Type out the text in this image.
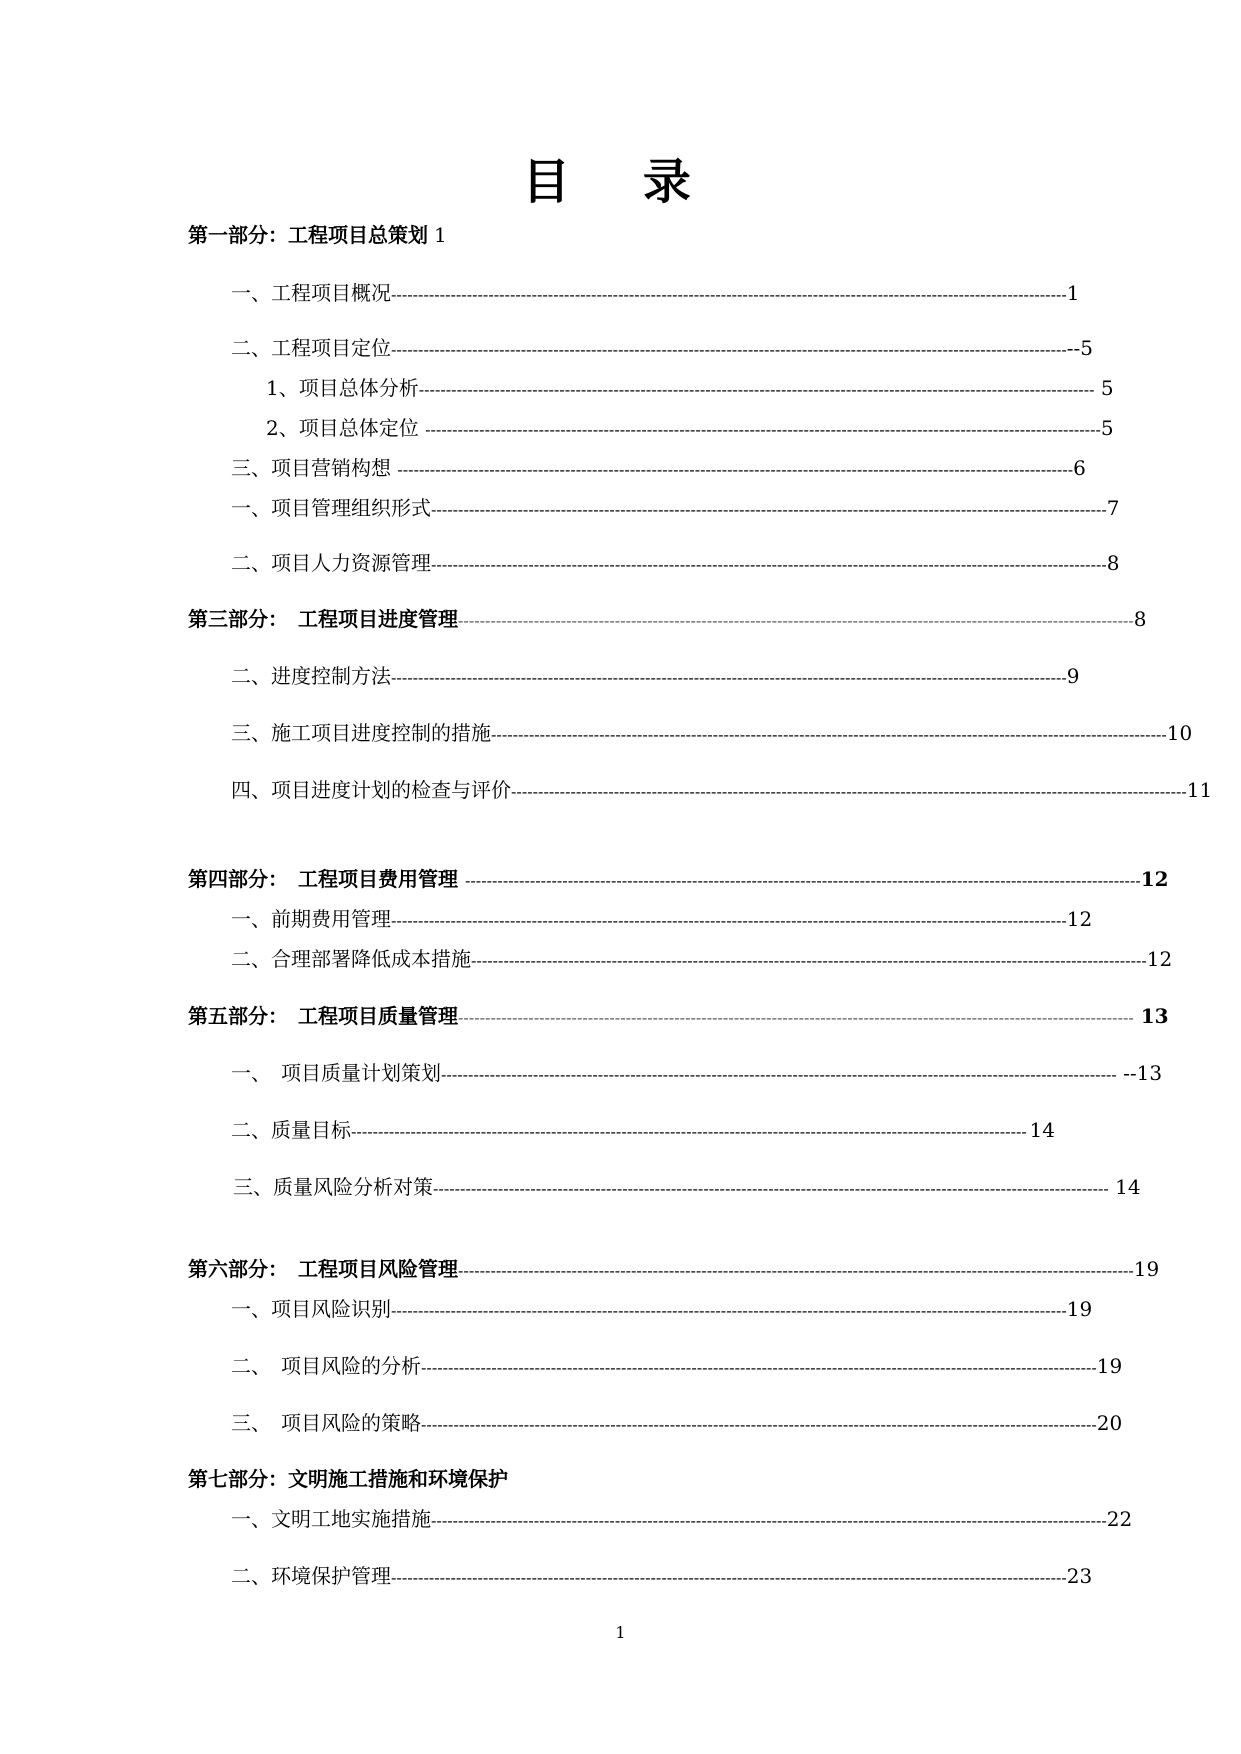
目 录
第一部分：工程项目总策划 1
一、工程项目概况 ----------------------------------------------------------------------------------------------------------------------------- 1
二、工程项目定位 ----------------------------------------------------------------------------------------------------------------------------- --5
1、项目总体分析 ----------------------------------------------------------------------------------------------------------------------------- 5
2、项目总体定位 ----------------------------------------------------------------------------------------------------------------------------- 5
三、项目营销构想 ----------------------------------------------------------------------------------------------------------------------------- 6
一、项目管理组织形式 ----------------------------------------------------------------------------------------------------------------------------- 7
二、项目人力资源管理 ----------------------------------------------------------------------------------------------------------------------------- 8
第三部分：　工程项目进度管理 ----------------------------------------------------------------------------------------------------------------------------- 8
二、进度控制方法 ----------------------------------------------------------------------------------------------------------------------------- 9
三、施工项目进度控制的措施 ----------------------------------------------------------------------------------------------------------------------------- 10
四、项目进度计划的检查与评价 ----------------------------------------------------------------------------------------------------------------------------- 11
第四部分：　工程项目费用管理 ----------------------------------------------------------------------------------------------------------------------------- 12
一、前期费用管理 ----------------------------------------------------------------------------------------------------------------------------- 12
二、合理部署降低成本措施 ----------------------------------------------------------------------------------------------------------------------------- 12
第五部分：　工程项目质量管理 ----------------------------------------------------------------------------------------------------------------------------- 13
一、　项目质量计划策划 ----------------------------------------------------------------------------------------------------------------------------- --13
二、质量目标 ----------------------------------------------------------------------------------------------------------------------------- 14
三、质量风险分析对策 ----------------------------------------------------------------------------------------------------------------------------- 14
第六部分：　工程项目风险管理 ----------------------------------------------------------------------------------------------------------------------------- 19
一、项目风险识别 ----------------------------------------------------------------------------------------------------------------------------- 19
二、　项目风险的分析 ----------------------------------------------------------------------------------------------------------------------------- 19
三、　项目风险的策略 ----------------------------------------------------------------------------------------------------------------------------- 20
第七部分：文明施工措施和环境保护
一、文明工地实施措施 ----------------------------------------------------------------------------------------------------------------------------- 22
二、环境保护管理 ----------------------------------------------------------------------------------------------------------------------------- 23
1
